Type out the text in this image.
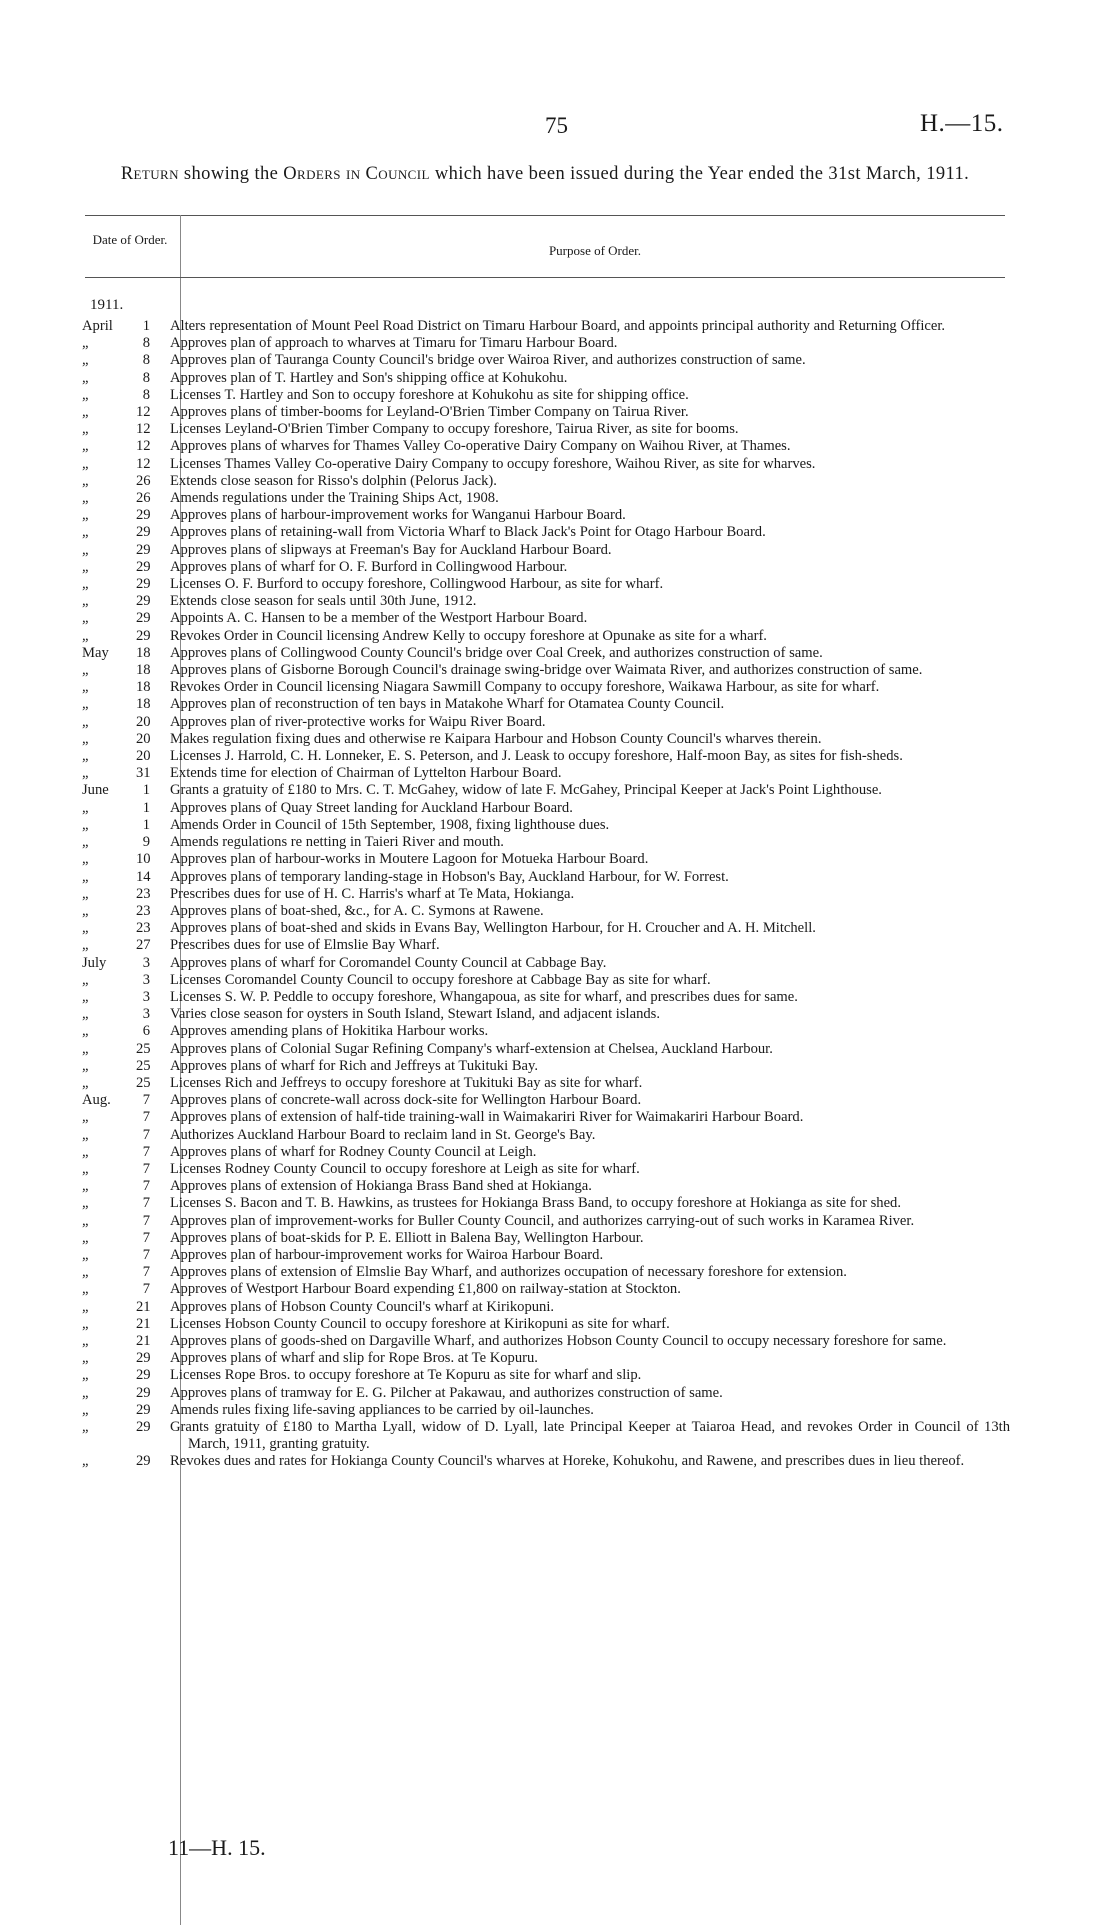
75	H.—15.
Return showing the Orders in Council which have been issued during the Year ended the 31st March, 1911.
Date of Order.
Purpose of Order.
1911.
April	1	Alters representation of Mount Peel Road District on Timaru Harbour Board, and appoints principal authority and Returning Officer.
„	8	Approves plan of approach to wharves at Timaru for Timaru Harbour Board.
„	8	Approves plan of Tauranga County Council's bridge over Wairoa River, and authorizes construction of same.
„	8	Approves plan of T. Hartley and Son's shipping office at Kohukohu.
„	8	Licenses T. Hartley and Son to occupy foreshore at Kohukohu as site for shipping office.
„	12	Approves plans of timber-booms for Leyland-O'Brien Timber Company on Tairua River.
„	12	Licenses Leyland-O'Brien Timber Company to occupy foreshore, Tairua River, as site for booms.
„	12	Approves plans of wharves for Thames Valley Co-operative Dairy Company on Waihou River, at Thames.
„	12	Licenses Thames Valley Co-operative Dairy Company to occupy foreshore, Waihou River, as site for wharves.
„	26	Extends close season for Risso's dolphin (Pelorus Jack).
„	26	Amends regulations under the Training Ships Act, 1908.
„	29	Approves plans of harbour-improvement works for Wanganui Harbour Board.
„	29	Approves plans of retaining-wall from Victoria Wharf to Black Jack's Point for Otago Harbour Board.
„	29	Approves plans of slipways at Freeman's Bay for Auckland Harbour Board.
„	29	Approves plans of wharf for O. F. Burford in Collingwood Harbour.
„	29	Licenses O. F. Burford to occupy foreshore, Collingwood Harbour, as site for wharf.
„	29	Extends close season for seals until 30th June, 1912.
„	29	Appoints A. C. Hansen to be a member of the Westport Harbour Board.
„	29	Revokes Order in Council licensing Andrew Kelly to occupy foreshore at Opunake as site for a wharf.
May	18	Approves plans of Collingwood County Council's bridge over Coal Creek, and authorizes construction of same.
„	18	Approves plans of Gisborne Borough Council's drainage swing-bridge over Waimata River, and authorizes construction of same.
„	18	Revokes Order in Council licensing Niagara Sawmill Company to occupy foreshore, Waikawa Harbour, as site for wharf.
„	18	Approves plan of reconstruction of ten bays in Matakohe Wharf for Otamatea County Council.
„	20	Approves plan of river-protective works for Waipu River Board.
„	20	Makes regulation fixing dues and otherwise re Kaipara Harbour and Hobson County Council's wharves therein.
„	20	Licenses J. Harrold, C. H. Lonneker, E. S. Peterson, and J. Leask to occupy foreshore, Half-moon Bay, as sites for fish-sheds.
„	31	Extends time for election of Chairman of Lyttelton Harbour Board.
June	1	Grants a gratuity of £180 to Mrs. C. T. McGahey, widow of late F. McGahey, Principal Keeper at Jack's Point Lighthouse.
„	1	Approves plans of Quay Street landing for Auckland Harbour Board.
„	1	Amends Order in Council of 15th September, 1908, fixing lighthouse dues.
„	9	Amends regulations re netting in Taieri River and mouth.
„	10	Approves plan of harbour-works in Moutere Lagoon for Motueka Harbour Board.
„	14	Approves plans of temporary landing-stage in Hobson's Bay, Auckland Harbour, for W. Forrest.
„	23	Prescribes dues for use of H. C. Harris's wharf at Te Mata, Hokianga.
„	23	Approves plans of boat-shed, &c., for A. C. Symons at Rawene.
„	23	Approves plans of boat-shed and skids in Evans Bay, Wellington Harbour, for H. Croucher and A. H. Mitchell.
„	27	Prescribes dues for use of Elmslie Bay Wharf.
July	3	Approves plans of wharf for Coromandel County Council at Cabbage Bay.
„	3	Licenses Coromandel County Council to occupy foreshore at Cabbage Bay as site for wharf.
„	3	Licenses S. W. P. Peddle to occupy foreshore, Whangapoua, as site for wharf, and prescribes dues for same.
„	3	Varies close season for oysters in South Island, Stewart Island, and adjacent islands.
„	6	Approves amending plans of Hokitika Harbour works.
„	25	Approves plans of Colonial Sugar Refining Company's wharf-extension at Chelsea, Auckland Harbour.
„	25	Approves plans of wharf for Rich and Jeffreys at Tukituki Bay.
„	25	Licenses Rich and Jeffreys to occupy foreshore at Tukituki Bay as site for wharf.
Aug.	7	Approves plans of concrete-wall across dock-site for Wellington Harbour Board.
„	7	Approves plans of extension of half-tide training-wall in Waimakariri River for Waimakariri Harbour Board.
„	7	Authorizes Auckland Harbour Board to reclaim land in St. George's Bay.
„	7	Approves plans of wharf for Rodney County Council at Leigh.
„	7	Licenses Rodney County Council to occupy foreshore at Leigh as site for wharf.
„	7	Approves plans of extension of Hokianga Brass Band shed at Hokianga.
„	7	Licenses S. Bacon and T. B. Hawkins, as trustees for Hokianga Brass Band, to occupy foreshore at Hokianga as site for shed.
„	7	Approves plan of improvement-works for Buller County Council, and authorizes carrying-out of such works in Karamea River.
„	7	Approves plans of boat-skids for P. E. Elliott in Balena Bay, Wellington Harbour.
„	7	Approves plan of harbour-improvement works for Wairoa Harbour Board.
„	7	Approves plans of extension of Elmslie Bay Wharf, and authorizes occupation of necessary foreshore for extension.
„	7	Approves of Westport Harbour Board expending £1,800 on railway-station at Stockton.
„	21	Approves plans of Hobson County Council's wharf at Kirikopuni.
„	21	Licenses Hobson County Council to occupy foreshore at Kirikopuni as site for wharf.
„	21	Approves plans of goods-shed on Dargaville Wharf, and authorizes Hobson County Council to occupy necessary foreshore for same.
„	29	Approves plans of wharf and slip for Rope Bros. at Te Kopuru.
„	29	Licenses Rope Bros. to occupy foreshore at Te Kopuru as site for wharf and slip.
„	29	Approves plans of tramway for E. G. Pilcher at Pakawau, and authorizes construction of same.
„	29	Amends rules fixing life-saving appliances to be carried by oil-launches.
„	29	Grants gratuity of £180 to Martha Lyall, widow of D. Lyall, late Principal Keeper at Taiaroa Head, and revokes Order in Council of 13th March, 1911, granting gratuity.
„	29	Revokes dues and rates for Hokianga County Council's wharves at Horeke, Kohukohu, and Rawene, and prescribes dues in lieu thereof.
11—H. 15.
